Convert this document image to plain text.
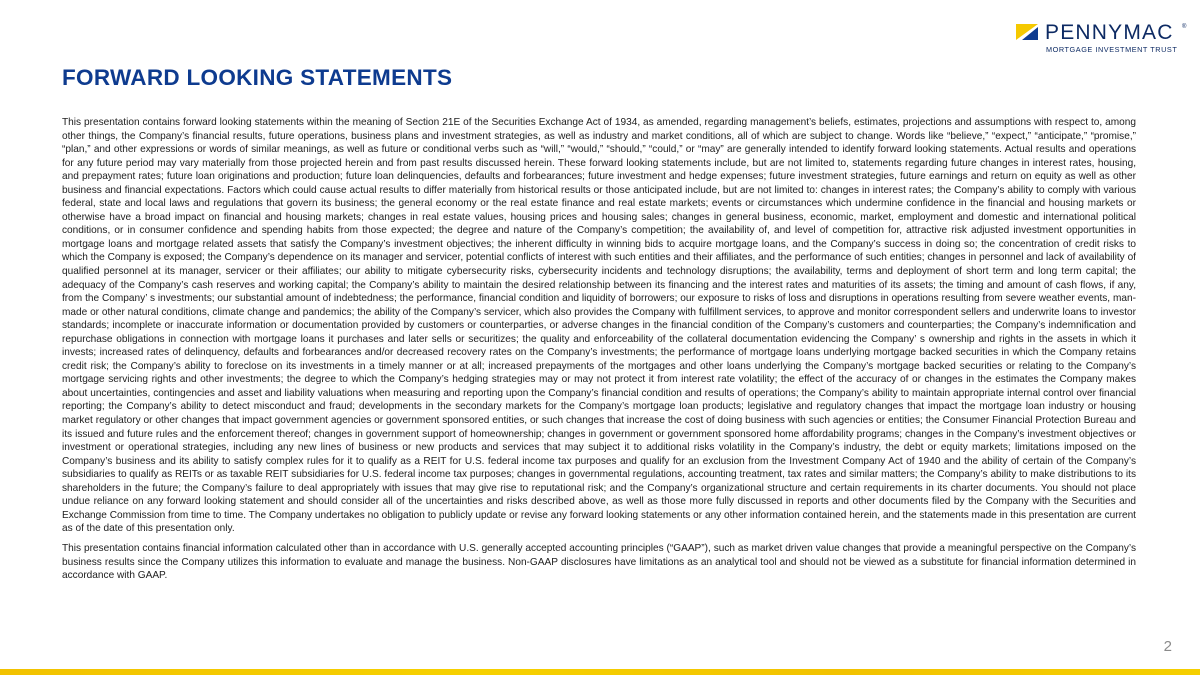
PENNYMAC ®
MORTGAGE INVESTMENT TRUST
FORWARD LOOKING STATEMENTS

This presentation contains forward looking statements within the meaning of Section 21E of the Securities Exchange Act of 1934, as amended, regarding management’s beliefs, estimates, projections and assumptions with respect to, among other things, the Company’s financial results, future operations, business plans and investment strategies, as well as industry and market conditions, all of which are subject to change. Words like “believe,” “expect,” “anticipate,” “promise,” “plan,” and other expressions or words of similar meanings, as well as future or conditional verbs such as “will,” “would,” “should,” “could,” or “may” are generally intended to identify forward looking statements. Actual results and operations for any future period may vary materially from those projected herein and from past results discussed herein. These forward looking statements include, but are not limited to, statements regarding future changes in interest rates, housing, and prepayment rates; future loan originations and production; future loan delinquencies, defaults and forbearances; future investment and hedge expenses; future investment strategies, future earnings and return on equity as well as other business and financial expectations. Factors which could cause actual results to differ materially from historical results or those anticipated include, but are not limited to: changes in interest rates; the Company’s ability to comply with various federal, state and local laws and regulations that govern its business; the general economy or the real estate finance and real estate markets; events or circumstances which undermine confidence in the financial and housing markets or otherwise have a broad impact on financial and housing markets; changes in real estate values, housing prices and housing sales; changes in general business, economic, market, employment and domestic and international political conditions, or in consumer confidence and spending habits from those expected; the degree and nature of the Company’s competition; the availability of, and level of competition for, attractive risk adjusted investment opportunities in mortgage loans and mortgage related assets that satisfy the Company’s investment objectives; the inherent difficulty in winning bids to acquire mortgage loans, and the Company’s success in doing so; the concentration of credit risks to which the Company is exposed; the Company’s dependence on its manager and servicer, potential conflicts of interest with such entities and their affiliates, and the performance of such entities; changes in personnel and lack of availability of qualified personnel at its manager, servicer or their affiliates; our ability to mitigate cybersecurity risks, cybersecurity incidents and technology disruptions; the availability, terms and deployment of short term and long term capital; the adequacy of the Company’s cash reserves and working capital; the Company’s ability to maintain the desired relationship between its financing and the interest rates and maturities of its assets; the timing and amount of cash flows, if any, from the Company’ s investments; our substantial amount of indebtedness; the performance, financial condition and liquidity of borrowers; our exposure to risks of loss and disruptions in operations resulting from severe weather events, man-made or other natural conditions, climate change and pandemics; the ability of the Company’s servicer, which also provides the Company with fulfillment services, to approve and monitor correspondent sellers and underwrite loans to investor standards; incomplete or inaccurate information or documentation provided by customers or counterparties, or adverse changes in the financial condition of the Company’s customers and counterparties; the Company’s indemnification and repurchase obligations in connection with mortgage loans it purchases and later sells or securitizes; the quality and enforceability of the collateral documentation evidencing the Company’ s ownership and rights in the assets in which it invests; increased rates of delinquency, defaults and forbearances and/or decreased recovery rates on the Company’s investments; the performance of mortgage loans underlying mortgage backed securities in which the Company retains credit risk; the Company’s ability to foreclose on its investments in a timely manner or at all; increased prepayments of the mortgages and other loans underlying the Company’s mortgage backed securities or relating to the Company’s mortgage servicing rights and other investments; the degree to which the Company’s hedging strategies may or may not protect it from interest rate volatility; the effect of the accuracy of or changes in the estimates the Company makes about uncertainties, contingencies and asset and liability valuations when measuring and reporting upon the Company’s financial condition and results of operations; the Company’s ability to maintain appropriate internal control over financial reporting; the Company’s ability to detect misconduct and fraud; developments in the secondary markets for the Company’s mortgage loan products; legislative and regulatory changes that impact the mortgage loan industry or housing market regulatory or other changes that impact government agencies or government sponsored entities, or such changes that increase the cost of doing business with such agencies or entities; the Consumer Financial Protection Bureau and its issued and future rules and the enforcement thereof; changes in government support of homeownership; changes in government or government sponsored home affordability programs; changes in the Company’s investment objectives or investment or operational strategies, including any new lines of business or new products and services that may subject it to additional risks volatility in the Company’s industry, the debt or equity markets; limitations imposed on the Company’s business and its ability to satisfy complex rules for it to qualify as a REIT for U.S. federal income tax purposes and qualify for an exclusion from the Investment Company Act of 1940 and the ability of certain of the Company’s subsidiaries to qualify as REITs or as taxable REIT subsidiaries for U.S. federal income tax purposes; changes in governmental regulations, accounting treatment, tax rates and similar matters; the Company’s ability to make distributions to its shareholders in the future; the Company’s failure to deal appropriately with issues that may give rise to reputational risk; and the Company’s organizational structure and certain requirements in its charter documents. You should not place undue reliance on any forward looking statement and should consider all of the uncertainties and risks described above, as well as those more fully discussed in reports and other documents filed by the Company with the Securities and Exchange Commission from time to time. The Company undertakes no obligation to publicly update or revise any forward looking statements or any other information contained herein, and the statements made in this presentation are current as of the date of this presentation only.

This presentation contains financial information calculated other than in accordance with U.S. generally accepted accounting principles (“GAAP”), such as market driven value changes that provide a meaningful perspective on the Company’s business results since the Company utilizes this information to evaluate and manage the business. Non-GAAP disclosures have limitations as an analytical tool and should not be viewed as a substitute for financial information determined in accordance with GAAP.

2
